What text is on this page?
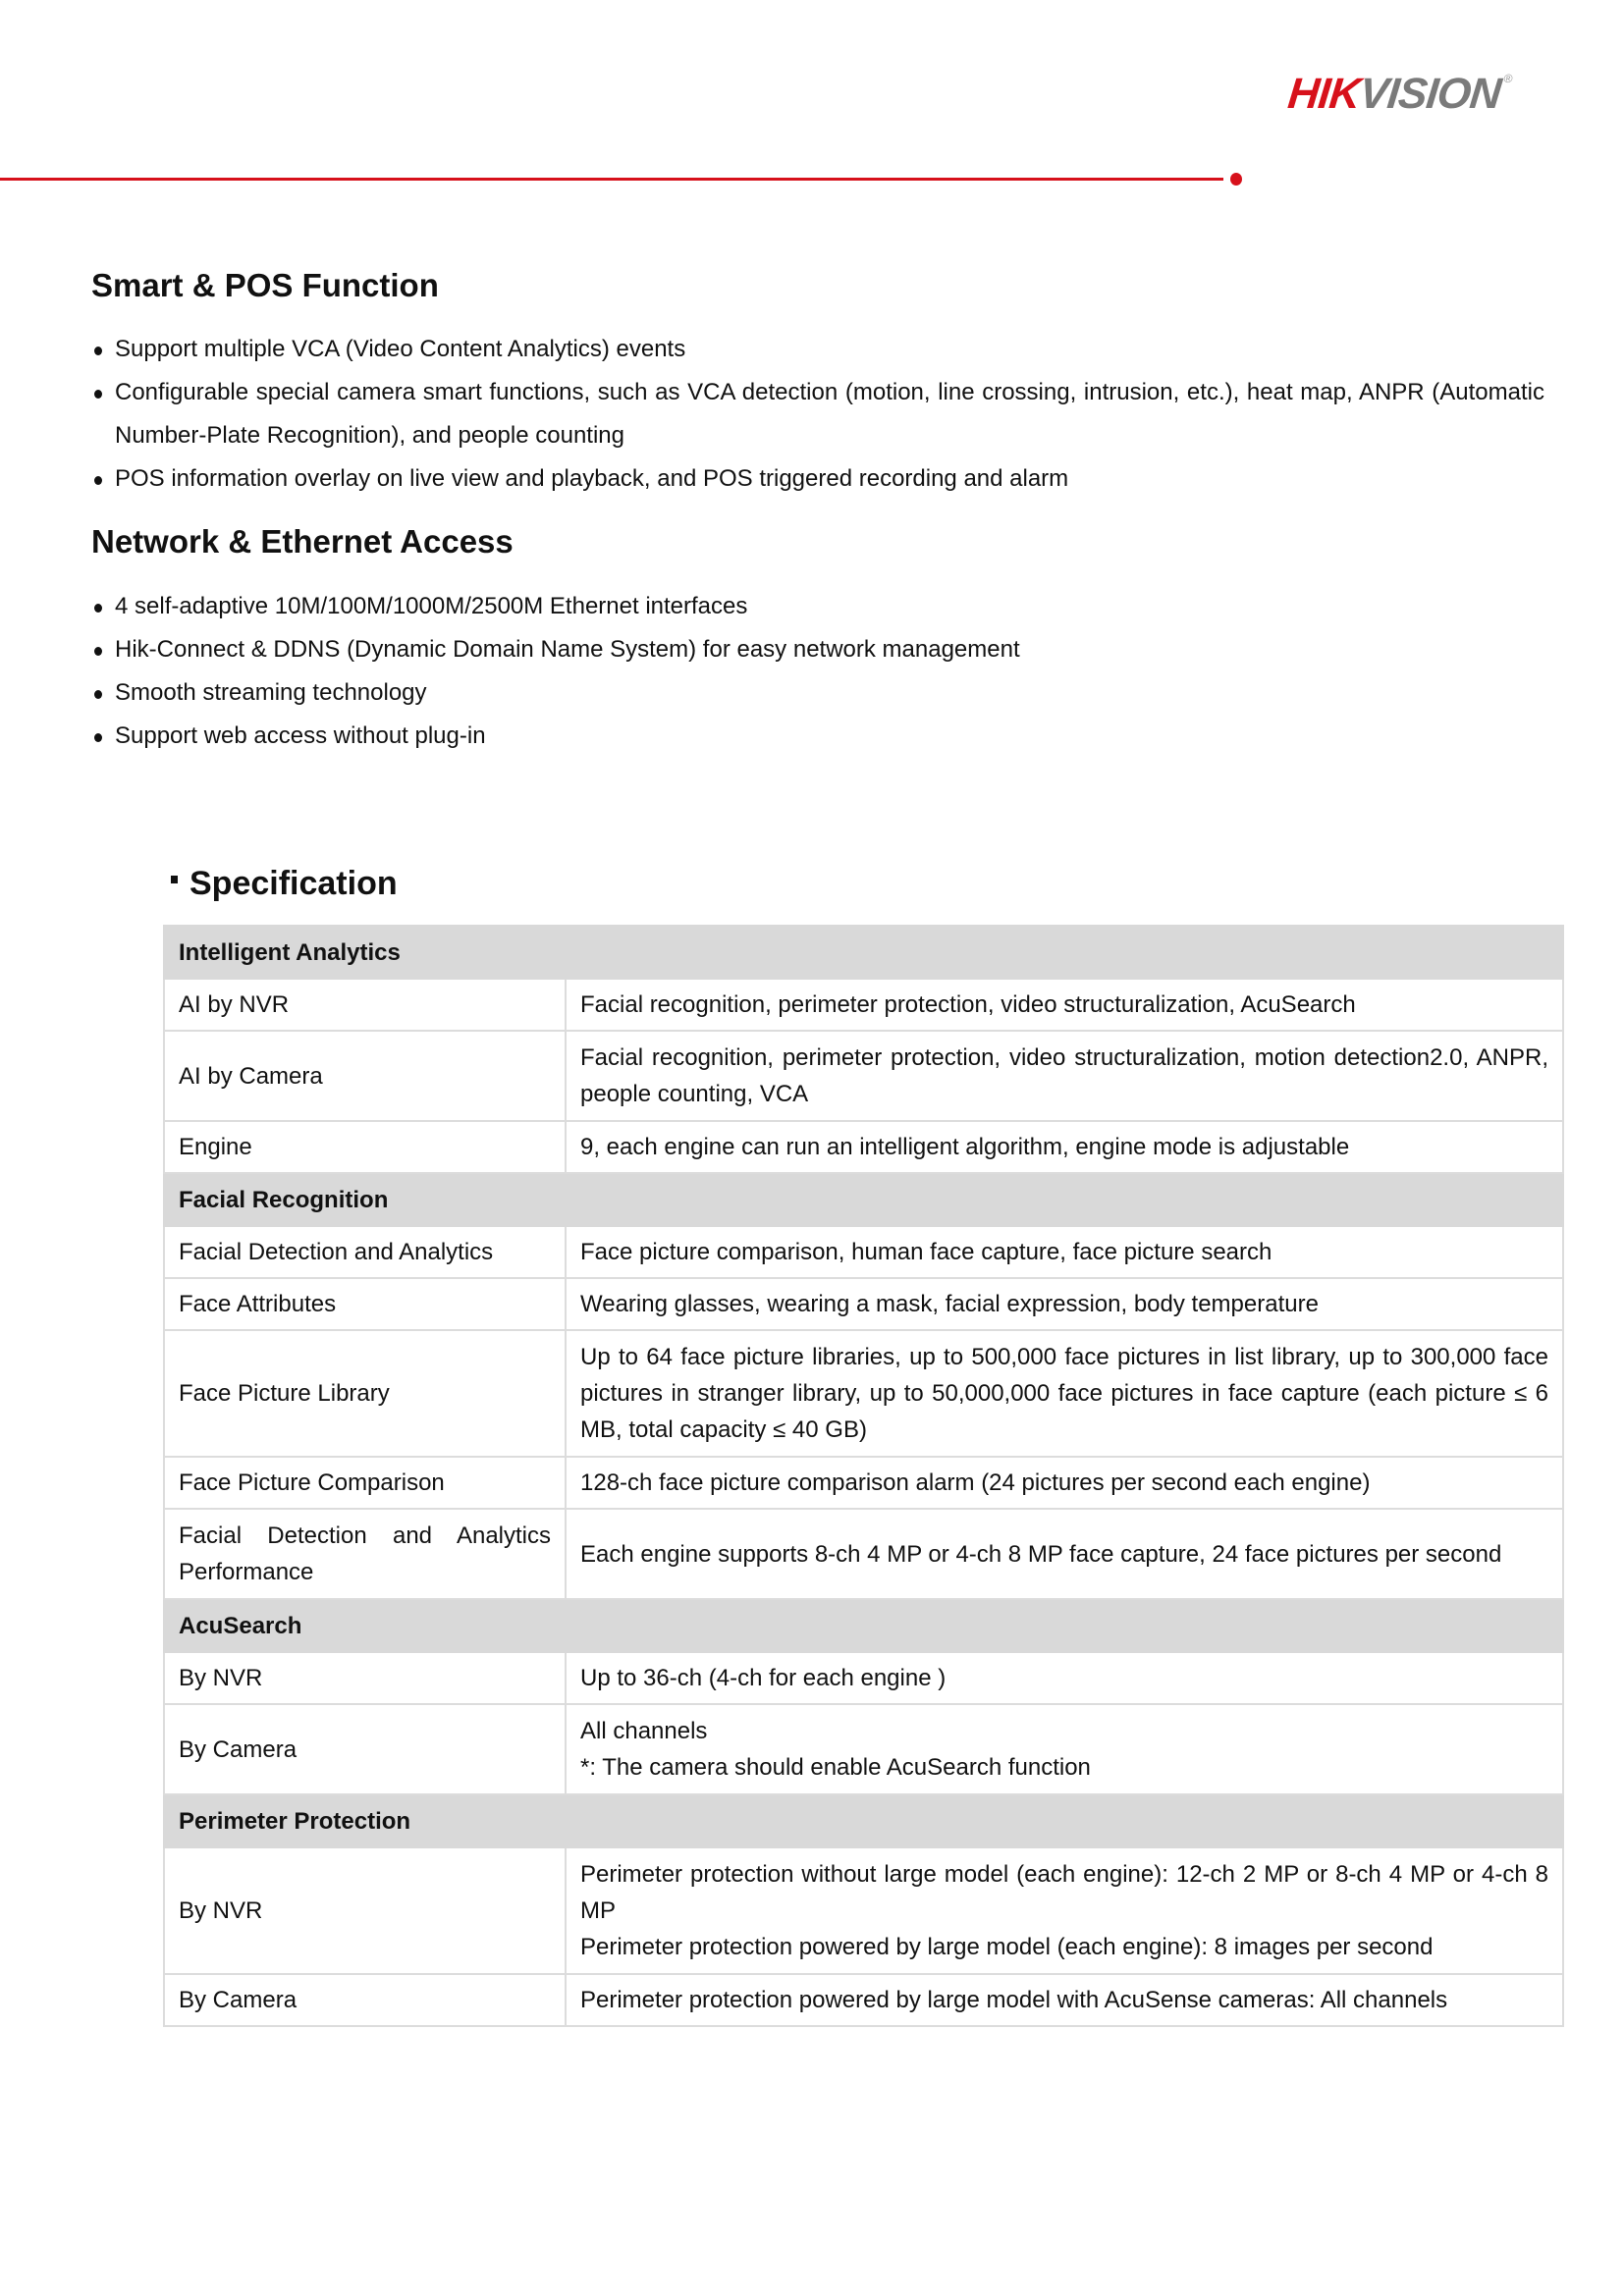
HIKVISION®
Smart & POS Function
Support multiple VCA (Video Content Analytics) events
Configurable special camera smart functions, such as VCA detection (motion, line crossing, intrusion, etc.), heat map, ANPR (Automatic Number-Plate Recognition), and people counting
POS information overlay on live view and playback, and POS triggered recording and alarm
Network & Ethernet Access
4 self-adaptive 10M/100M/1000M/2500M Ethernet interfaces
Hik-Connect & DDNS (Dynamic Domain Name System) for easy network management
Smooth streaming technology
Support web access without plug-in
Specification
Intelligent Analytics	
AI by NVR	Facial recognition, perimeter protection, video structuralization, AcuSearch
AI by Camera	Facial recognition, perimeter protection, video structuralization, motion detection2.0, ANPR, people counting, VCA
Engine	9, each engine can run an intelligent algorithm, engine mode is adjustable
Facial Recognition	
Facial Detection and Analytics	Face picture comparison, human face capture, face picture search
Face Attributes	Wearing glasses, wearing a mask, facial expression, body temperature
Face Picture Library	Up to 64 face picture libraries, up to 500,000 face pictures in list library, up to 300,000 face pictures in stranger library, up to 50,000,000 face pictures in face capture (each picture ≤ 6 MB, total capacity ≤ 40 GB)
Face Picture Comparison	128-ch face picture comparison alarm (24 pictures per second each engine)
Facial Detection and Analytics Performance	Each engine supports 8-ch 4 MP or 4-ch 8 MP face capture, 24 face pictures per second
AcuSearch	
By NVR	Up to 36-ch (4-ch for each engine )
By Camera	All channels

*: The camera should enable AcuSearch function

Perimeter Protection	
By NVR	Perimeter protection without large model (each engine): 12-ch 2 MP or 8-ch 4 MP or 4-ch 8 MP

Perimeter protection powered by large model (each engine): 8 images per second

By Camera	Perimeter protection powered by large model with AcuSense cameras: All channels
